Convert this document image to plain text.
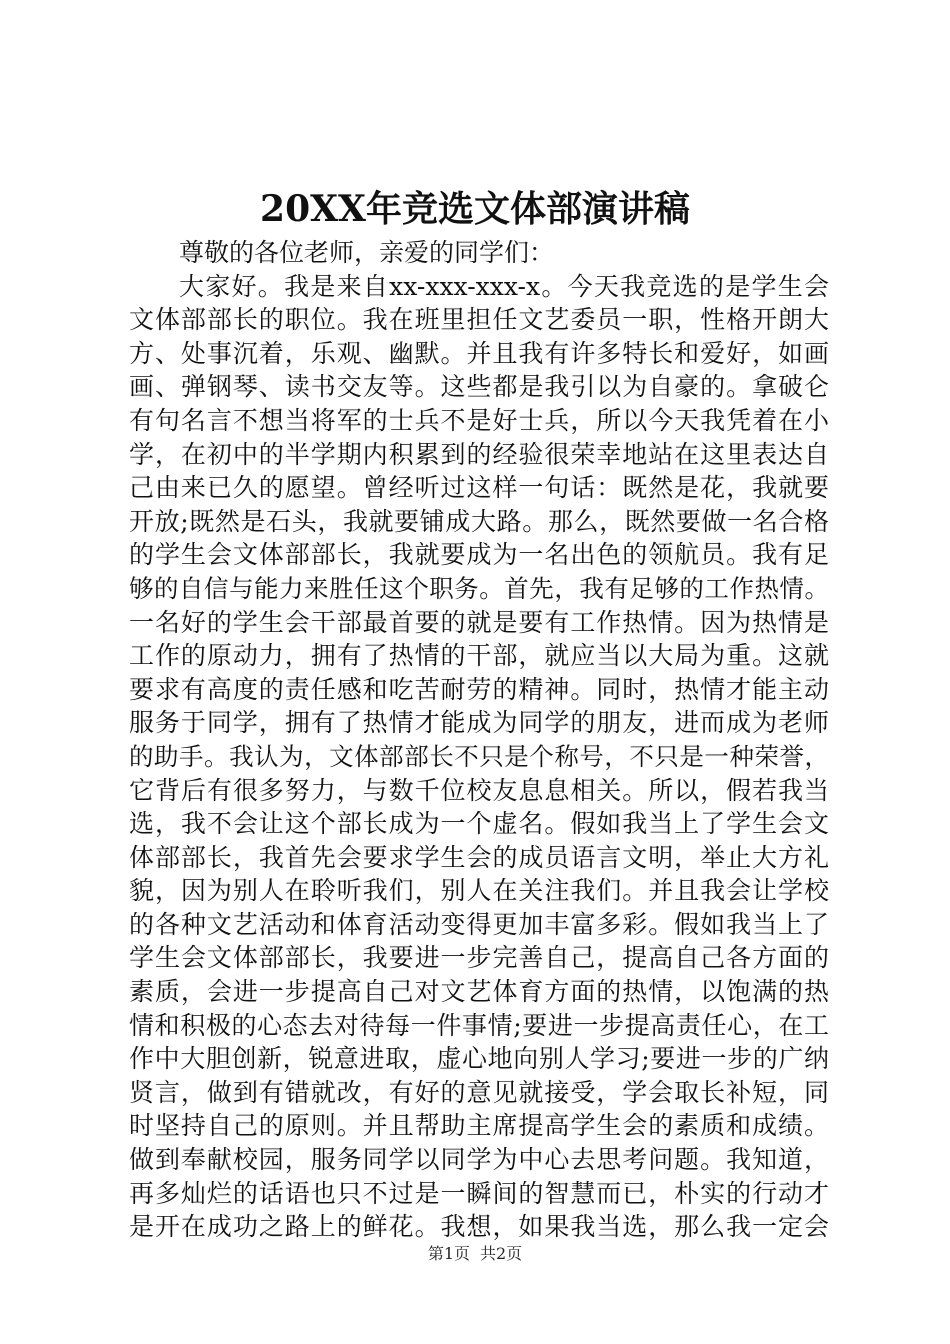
20XX年竞选文体部演讲稿
尊敬的各位老师，亲爱的同学们：
大家好。我是来自xx-xxx-xxx-x。今天我竞选的是学生会
文体部部长的职位。我在班里担任文艺委员一职，性格开朗大
方、处事沉着，乐观、幽默。并且我有许多特长和爱好，如画
画、弹钢琴、读书交友等。这些都是我引以为自豪的。拿破仑
有句名言不想当将军的士兵不是好士兵，所以今天我凭着在小
学，在初中的半学期内积累到的经验很荣幸地站在这里表达自
己由来已久的愿望。曾经听过这样一句话：既然是花，我就要
开放;既然是石头，我就要铺成大路。那么，既然要做一名合格
的学生会文体部部长，我就要成为一名出色的领航员。我有足
够的自信与能力来胜任这个职务。首先，我有足够的工作热情。
一名好的学生会干部最首要的就是要有工作热情。因为热情是
工作的原动力，拥有了热情的干部，就应当以大局为重。这就
要求有高度的责任感和吃苦耐劳的精神。同时，热情才能主动
服务于同学，拥有了热情才能成为同学的朋友，进而成为老师
的助手。我认为，文体部部长不只是个称号，不只是一种荣誉，
它背后有很多努力，与数千位校友息息相关。所以，假若我当
选，我不会让这个部长成为一个虚名。假如我当上了学生会文
体部部长，我首先会要求学生会的成员语言文明，举止大方礼
貌，因为别人在聆听我们，别人在关注我们。并且我会让学校
的各种文艺活动和体育活动变得更加丰富多彩。假如我当上了
学生会文体部部长，我要进一步完善自己，提高自己各方面的
素质，会进一步提高自己对文艺体育方面的热情，以饱满的热
情和积极的心态去对待每一件事情;要进一步提高责任心，在工
作中大胆创新，锐意进取，虚心地向别人学习;要进一步的广纳
贤言，做到有错就改，有好的意见就接受，学会取长补短，同
时坚持自己的原则。并且帮助主席提高学生会的素质和成绩。
做到奉献校园，服务同学以同学为中心去思考问题。我知道，
再多灿烂的话语也只不过是一瞬间的智慧而已，朴实的行动才
是开在成功之路上的鲜花。我想，如果我当选，那么我一定会
第1页 共2页
